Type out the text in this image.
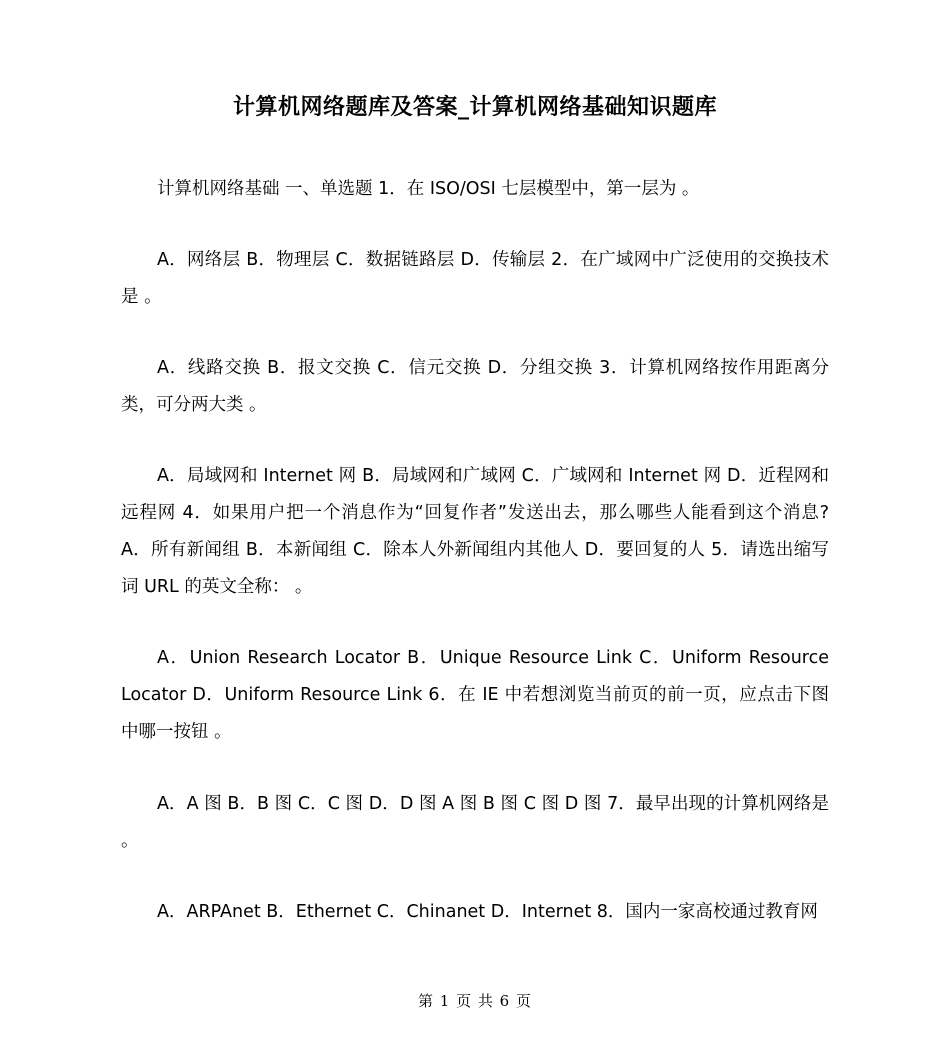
计算机网络题库及答案_计算机网络基础知识题库

计算机网络基础 一、单选题 1．在 ISO/OSI 七层模型中，第一层为 。

A．网络层 B．物理层 C．数据链路层 D．传输层 2．在广域网中广泛使用的交换技术是 。

A．线路交换 B．报文交换 C．信元交换 D．分组交换 3．计算机网络按作用距离分类，可分两大类 。

A．局域网和 Internet 网 B．局域网和广域网 C．广域网和 Internet 网 D．近程网和远程网 4．如果用户把一个消息作为“回复作者”发送出去，那么哪些人能看到这个消息? A．所有新闻组 B．本新闻组 C．除本人外新闻组内其他人 D．要回复的人 5．请选出缩写词 URL 的英文全称： 。

A．Union Research Locator B．Unique Resource Link C．Uniform Resource Locator D．Uniform Resource Link 6．在 IE 中若想浏览当前页的前一页，应点击下图中哪一按钮 。

A．A 图 B．B 图 C．C 图 D．D 图 A 图 B 图 C 图 D 图 7．最早出现的计算机网络是 。

A．ARPAnet B．Ethernet C．Chinanet D．Internet 8．国内一家高校通过教育网

第 1 页 共 6 页
